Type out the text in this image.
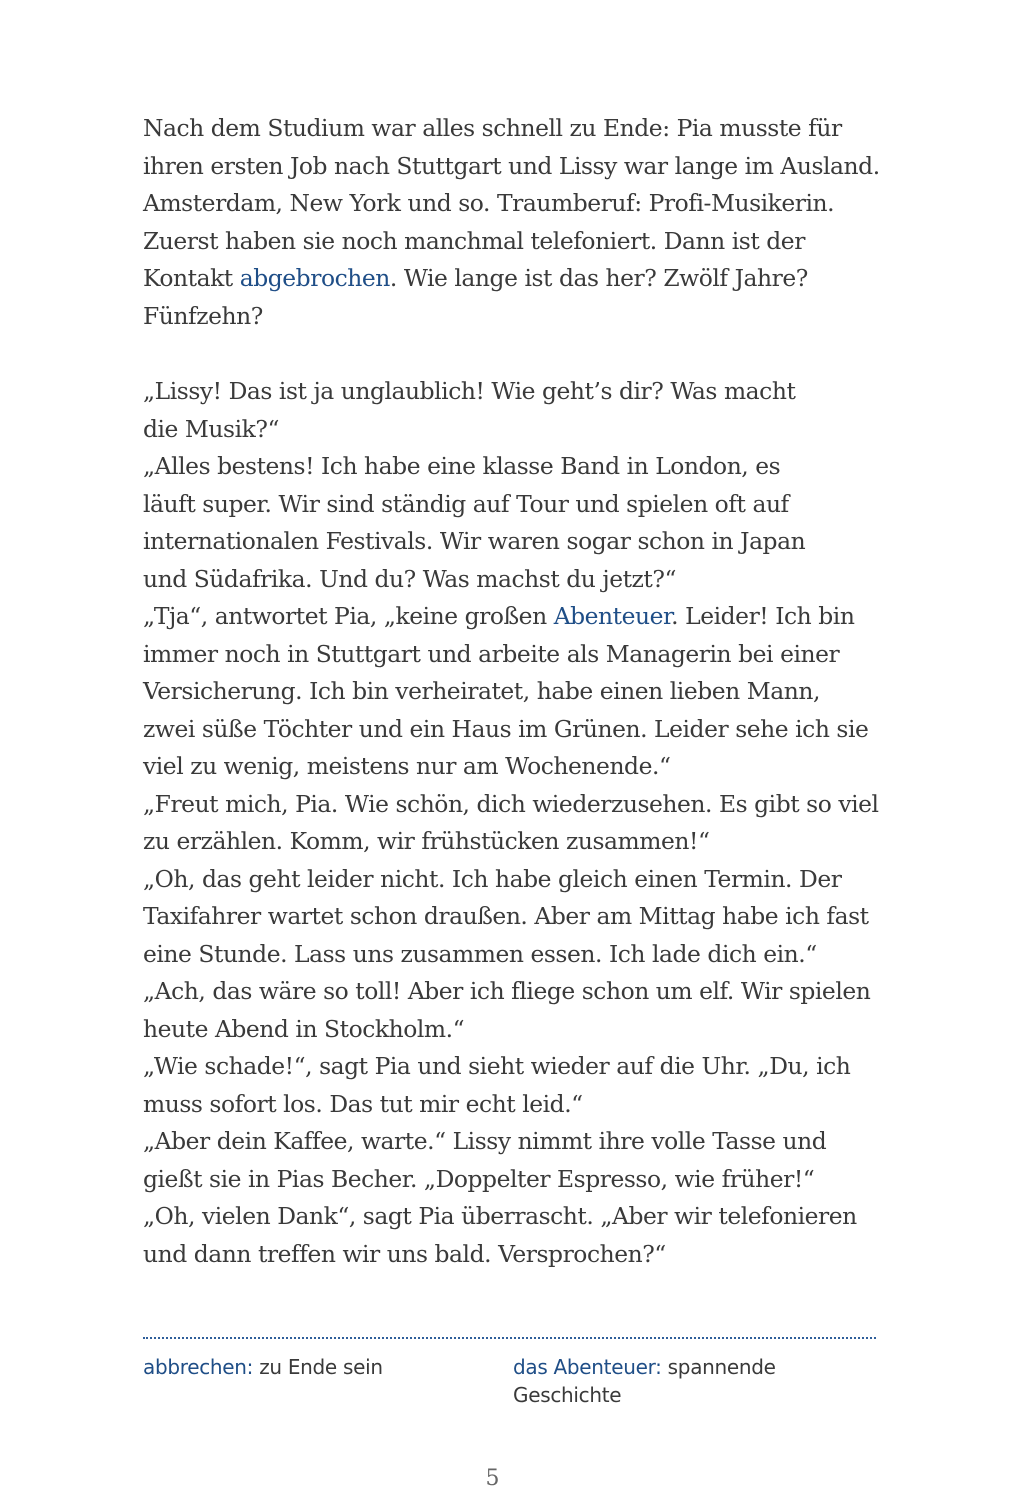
Nach dem Studium war alles schnell zu Ende: Pia musste für
ihren ersten Job nach Stuttgart und Lissy war lange im Ausland.
Amsterdam, New York und so. Traumberuf: Profi-Musikerin.
Zuerst haben sie noch manchmal telefoniert. Dann ist der
Kontakt abgebrochen. Wie lange ist das her? Zwölf Jahre?
Fünfzehn?
„Lissy! Das ist ja unglaublich! Wie geht’s dir? Was macht
die Musik?“
„Alles bestens! Ich habe eine klasse Band in London, es
läuft super. Wir sind ständig auf Tour und spielen oft auf
internationalen Festivals. Wir waren sogar schon in Japan
und Südafrika. Und du? Was machst du jetzt?“
„Tja“, antwortet Pia, „keine großen Abenteuer. Leider! Ich bin
immer noch in Stuttgart und arbeite als Managerin bei einer
Versicherung. Ich bin verheiratet, habe einen lieben Mann,
zwei süße Töchter und ein Haus im Grünen. Leider sehe ich sie
viel zu wenig, meistens nur am Wochenende.“
„Freut mich, Pia. Wie schön, dich wiederzusehen. Es gibt so viel
zu erzählen. Komm, wir frühstücken zusammen!“
„Oh, das geht leider nicht. Ich habe gleich einen Termin. Der
Taxifahrer wartet schon draußen. Aber am Mittag habe ich fast
eine Stunde. Lass uns zusammen essen. Ich lade dich ein.“
„Ach, das wäre so toll! Aber ich fliege schon um elf. Wir spielen
heute Abend in Stockholm.“
„Wie schade!“, sagt Pia und sieht wieder auf die Uhr. „Du, ich
muss sofort los. Das tut mir echt leid.“
„Aber dein Kaffee, warte.“ Lissy nimmt ihre volle Tasse und
gießt sie in Pias Becher. „Doppelter Espresso, wie früher!“
„Oh, vielen Dank“, sagt Pia überrascht. „Aber wir telefonieren
und dann treffen wir uns bald. Versprochen?“
abbrechen: zu Ende sein	das Abenteuer: spannende Geschichte
5
